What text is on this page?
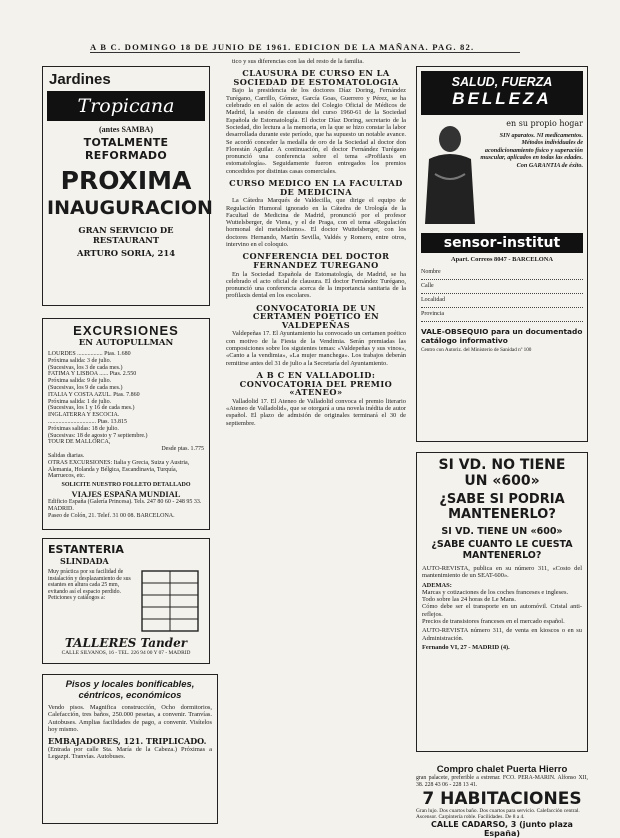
A B C. DOMINGO 18 DE JUNIO DE 1961. EDICION DE LA MAÑANA. PAG. 82.
Jardines
Tropicana
(antes SAMBA)
TOTALMENTE REFORMADO
PROXIMA
INAUGURACION
GRAN SERVICIO DE RESTAURANT
ARTURO SORIA, 214
EXCURSIONES
EN AUTOPULLMAN

LOURDES ................. Ptas. 1.680

Próxima salida: 3 de julio.

(Sucesivas, los 3 de cada mes.)

FATIMA Y LISBOA ...... Ptas. 2.550

Próxima salida: 9 de julio.

(Sucesivas, los 9 de cada mes.)

ITALIA Y COSTA AZUL. Ptas. 7.860

Próxima salida: 1 de julio.

(Sucesivas, los 1 y 16 de cada mes.)

INGLATERRA Y ESCOCIA.

................................ Ptas. 13.815

Próximas salidas: 18 de julio.

(Sucesivas: 18 de agosto y 7 septiembre.)

TOUR DE MALLORCA,

Desde ptas. 1.775

Salidas diarias.

OTRAS EXCURSIONES: Italia y Grecia, Suiza y Austria, Alemania, Holanda y Bélgica, Escandinavia, Turquía, Marruecos, etc.

SOLICITE NUESTRO FOLLETO DETALLADO

VIAJES ESPAÑA MUNDIAL

Edificio España (Galería Princesa). Tels. 247 80 60 - 248 95 33. MADRID.

Paseo de Colón, 21. Telef. 31 00 08. BARCELONA.

ESTANTERIA
SLINDADA
Muy práctica por su facilidad de instalación y desplazamiento de sus estantes en altura cada 25 mm, evitando así el espacio perdido. Peticiones y catálogos a:
TALLERES Tander
CALLE SILVANOS, 16 - TEL. 226 94 00 Y 07 - MADRID
Pisos y locales bonificables, céntricos, económicos
Vendo pisos. Magnifica construcción, Ocho dormitorios, Calefacción, tres baños, 250.000 pesetas, a convenir. Tranvías. Autobuses. Amplias facilidades de pago, a convenir. Visítelos hoy mismo.
EMBAJADORES, 121. TRIPLICADO.
(Entrada por calle Sta. María de la Cabeza.) Próximas a Legazpi. Tranvías. Autobuses.

tico y sus diferencias con las del resto de la familia.

CLAUSURA DE CURSO EN LA SOCIEDAD DE ESTOMATOLOGIA

Bajo la presidencia de los doctores Díaz Doring, Fernández Turégano, Carrillo, Gómez, García Goas, Guerrero y Pérez, se ha celebrado en el salón de actos del Colegio Oficial de Médicos de Madrid, la sesión de clausura del curso 1960-61 de la Sociedad Española de Estomatología. El doctor Díaz Doring, secretario de la Sociedad, dio lectura a la memoria, en la que se hizo constar la labor desarrollada durante este período, que ha supuesto un notable avance. Se acordó conceder la medalla de oro de la Sociedad al doctor don Florestán Aguilar. A continuación, el doctor Fernández Turégano pronunció una conferencia sobre el tema «Profilaxis en estomatología». Seguidamente fueron entregados los premios concedidos por distintas casas comerciales.

CURSO MEDICO EN LA FACULTAD DE MEDICINA

La Cátedra Marqués de Valdecilla, que dirige el equipo de Regulación Humoral ignorado en la Cátedra de Urología de la Facultad de Medicina de Madrid, pronunció por el profesor Wuttelsberger, de Viena, y el de Praga, con el tema «Regulación hormonal del metabolismo». El doctor Wuttelsberger, con los doctores Hernando, Martín Sevilla, Valdés y Romero, entre otros, intervino en el coloquio.

CONFERENCIA DEL DOCTOR FERNANDEZ TUREGANO

En la Sociedad Española de Estomatología, de Madrid, se ha celebrado el acto oficial de clausura. El doctor Fernández Turégano, pronunció una conferencia acerca de la importancia sanitaria de la profilaxis dental en los escolares.

CONVOCATORIA DE UN CERTAMEN POETICO EN VALDEPEÑAS

Valdepeñas 17. El Ayuntamiento ha convocado un certamen poético con motivo de la Fiesta de la Vendimia. Serán premiadas las composiciones sobre los siguientes temas: «Valdepeñas y sus vinos», «Canto a la vendimia», «La mujer manchega». Los trabajos deberán remitirse antes del 31 de julio a la Secretaría del Ayuntamiento.

A B C EN VALLADOLID: CONVOCATORIA DEL PREMIO «ATENEO»

Valladolid 17. El Ateneo de Valladolid convoca el premio literario «Ateneo de Valladolid», que se otorgará a una novela inédita de autor español. El plazo de admisión de originales terminará el 30 de septiembre.

SALUD, FUERZA
BELLEZA
en su propio hogar
SIN aparatos. NI medicamentos. Métodos individuales de acondicionamiento físico y superación muscular, aplicados en todas las edades. Con GARANTIA de éxito.
sensor-institut
Apart. Correos 8047 - BARCELONA
Nombre
Calle
Localidad
Provincia
VALE-OBSEQUIO para un documentado catálogo informativo
Centro con Autoriz. del Ministerio de Sanidad nº 100
SI VD. NO TIENE
UN «600»
¿SABE SI PODRIA MANTENERLO?
SI VD. TIENE UN «600»
¿SABE CUANTO LE CUESTA MANTENERLO?
AUTO-REVISTA, publica en su número 311, «Costo del mantenimiento de un SEAT-600».
ADEMAS:
Marcas y cotizaciones de los coches franceses e ingleses.
Todo sobre las 24 horas de Le Mans.
Cómo debe ser el transporte en un automóvil. Cristal anti-reflejos.
Precios de transistores franceses en el mercado español.
AUTO-REVISTA número 311, de venta en kioscos o en su Administración.
Fernando VI, 27 - MADRID (4).
Compro chalet Puerta Hierro
gran palacete, preferible a estrenar. FCO. PERA-MARIN. Alfonso XII, 38. 228 43 06 - 228 13 41.
7 HABITACIONES
Gran lujo. Dos cuartos baño. Dos cuartos para servicio. Calefacción central. Ascensor. Carpintería roble. Facilidades. De 8 a 4.
CALLE CADARSO, 3 (junto plaza España)
